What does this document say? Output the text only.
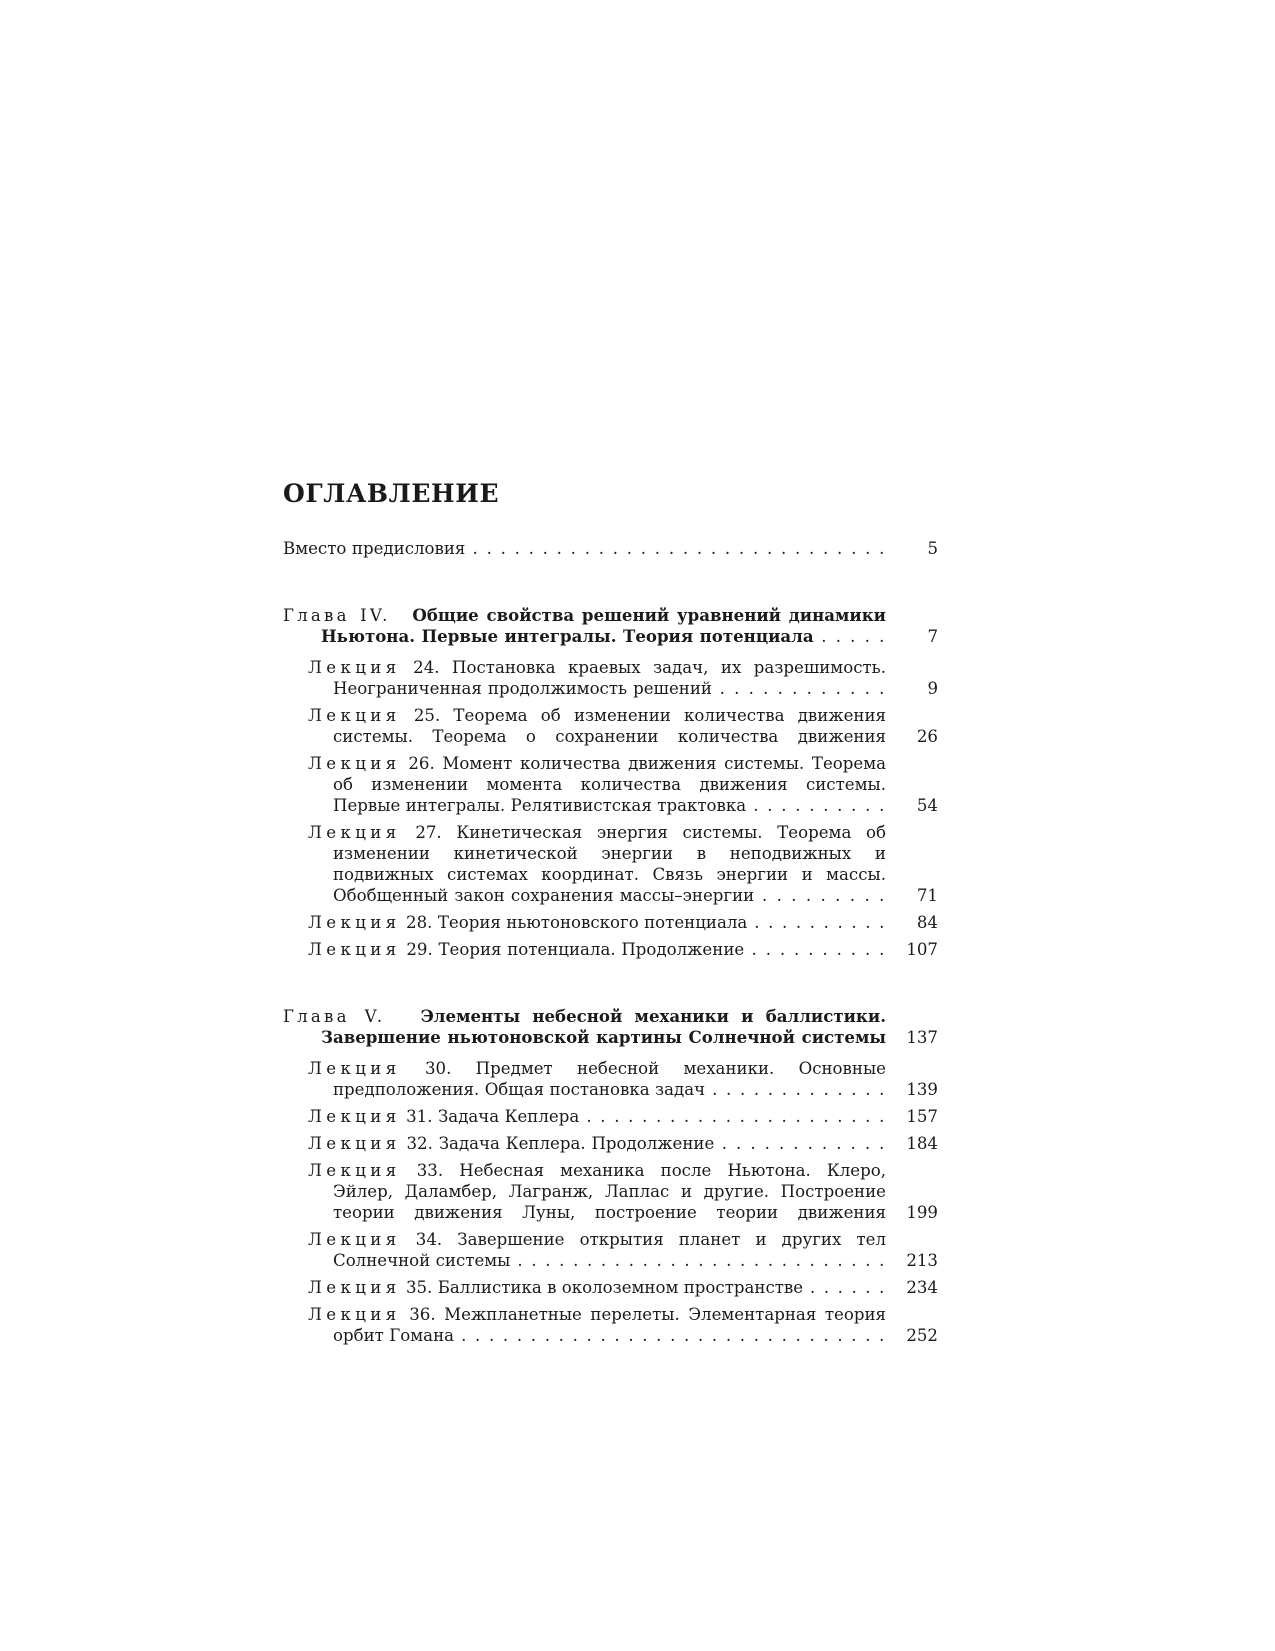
ОГЛАВЛЕНИЕ
Вместо предисловия . . .	5
Глава IV. Общие свойства решений уравнений динамики Ньютона. Первые интегралы. Теория потенциала . . .	7
Лекция 24. Постановка краевых задач, их разрешимость. Неограниченная продолжимость решений . . .	9
Лекция 25. Теорема об изменении количества движения системы. Теорема о сохранении количества движения . . .	26
Лекция 26. Момент количества движения системы. Теорема об изменении момента количества движения системы. Первые интегралы. Релятивистская трактовка . . .	54
Лекция 27. Кинетическая энергия системы. Теорема об изменении кинетической энергии в неподвижных и подвижных системах координат. Связь энергии и массы. Обобщенный закон сохранения массы–энергии . . .	71
Лекция 28. Теория ньютоновского потенциала . . .	84
Лекция 29. Теория потенциала. Продолжение . . .	107
Глава V. Элементы небесной механики и баллистики. Завершение ньютоновской картины Солнечной системы . . .	137
Лекция 30. Предмет небесной механики. Основные предположения. Общая постановка задач . . .	139
Лекция 31. Задача Кеплера . . .	157
Лекция 32. Задача Кеплера. Продолжение . . .	184
Лекция 33. Небесная механика после Ньютона. Клеро, Эйлер, Даламбер, Лагранж, Лаплас и другие. Построение теории движения Луны, построение теории движения . . .	199
Лекция 34. Завершение открытия планет и других тел Солнечной системы . . .	213
Лекция 35. Баллистика в околоземном пространстве . . .	234
Лекция 36. Межпланетные перелеты. Элементарная теория орбит Гомана . . .	252
